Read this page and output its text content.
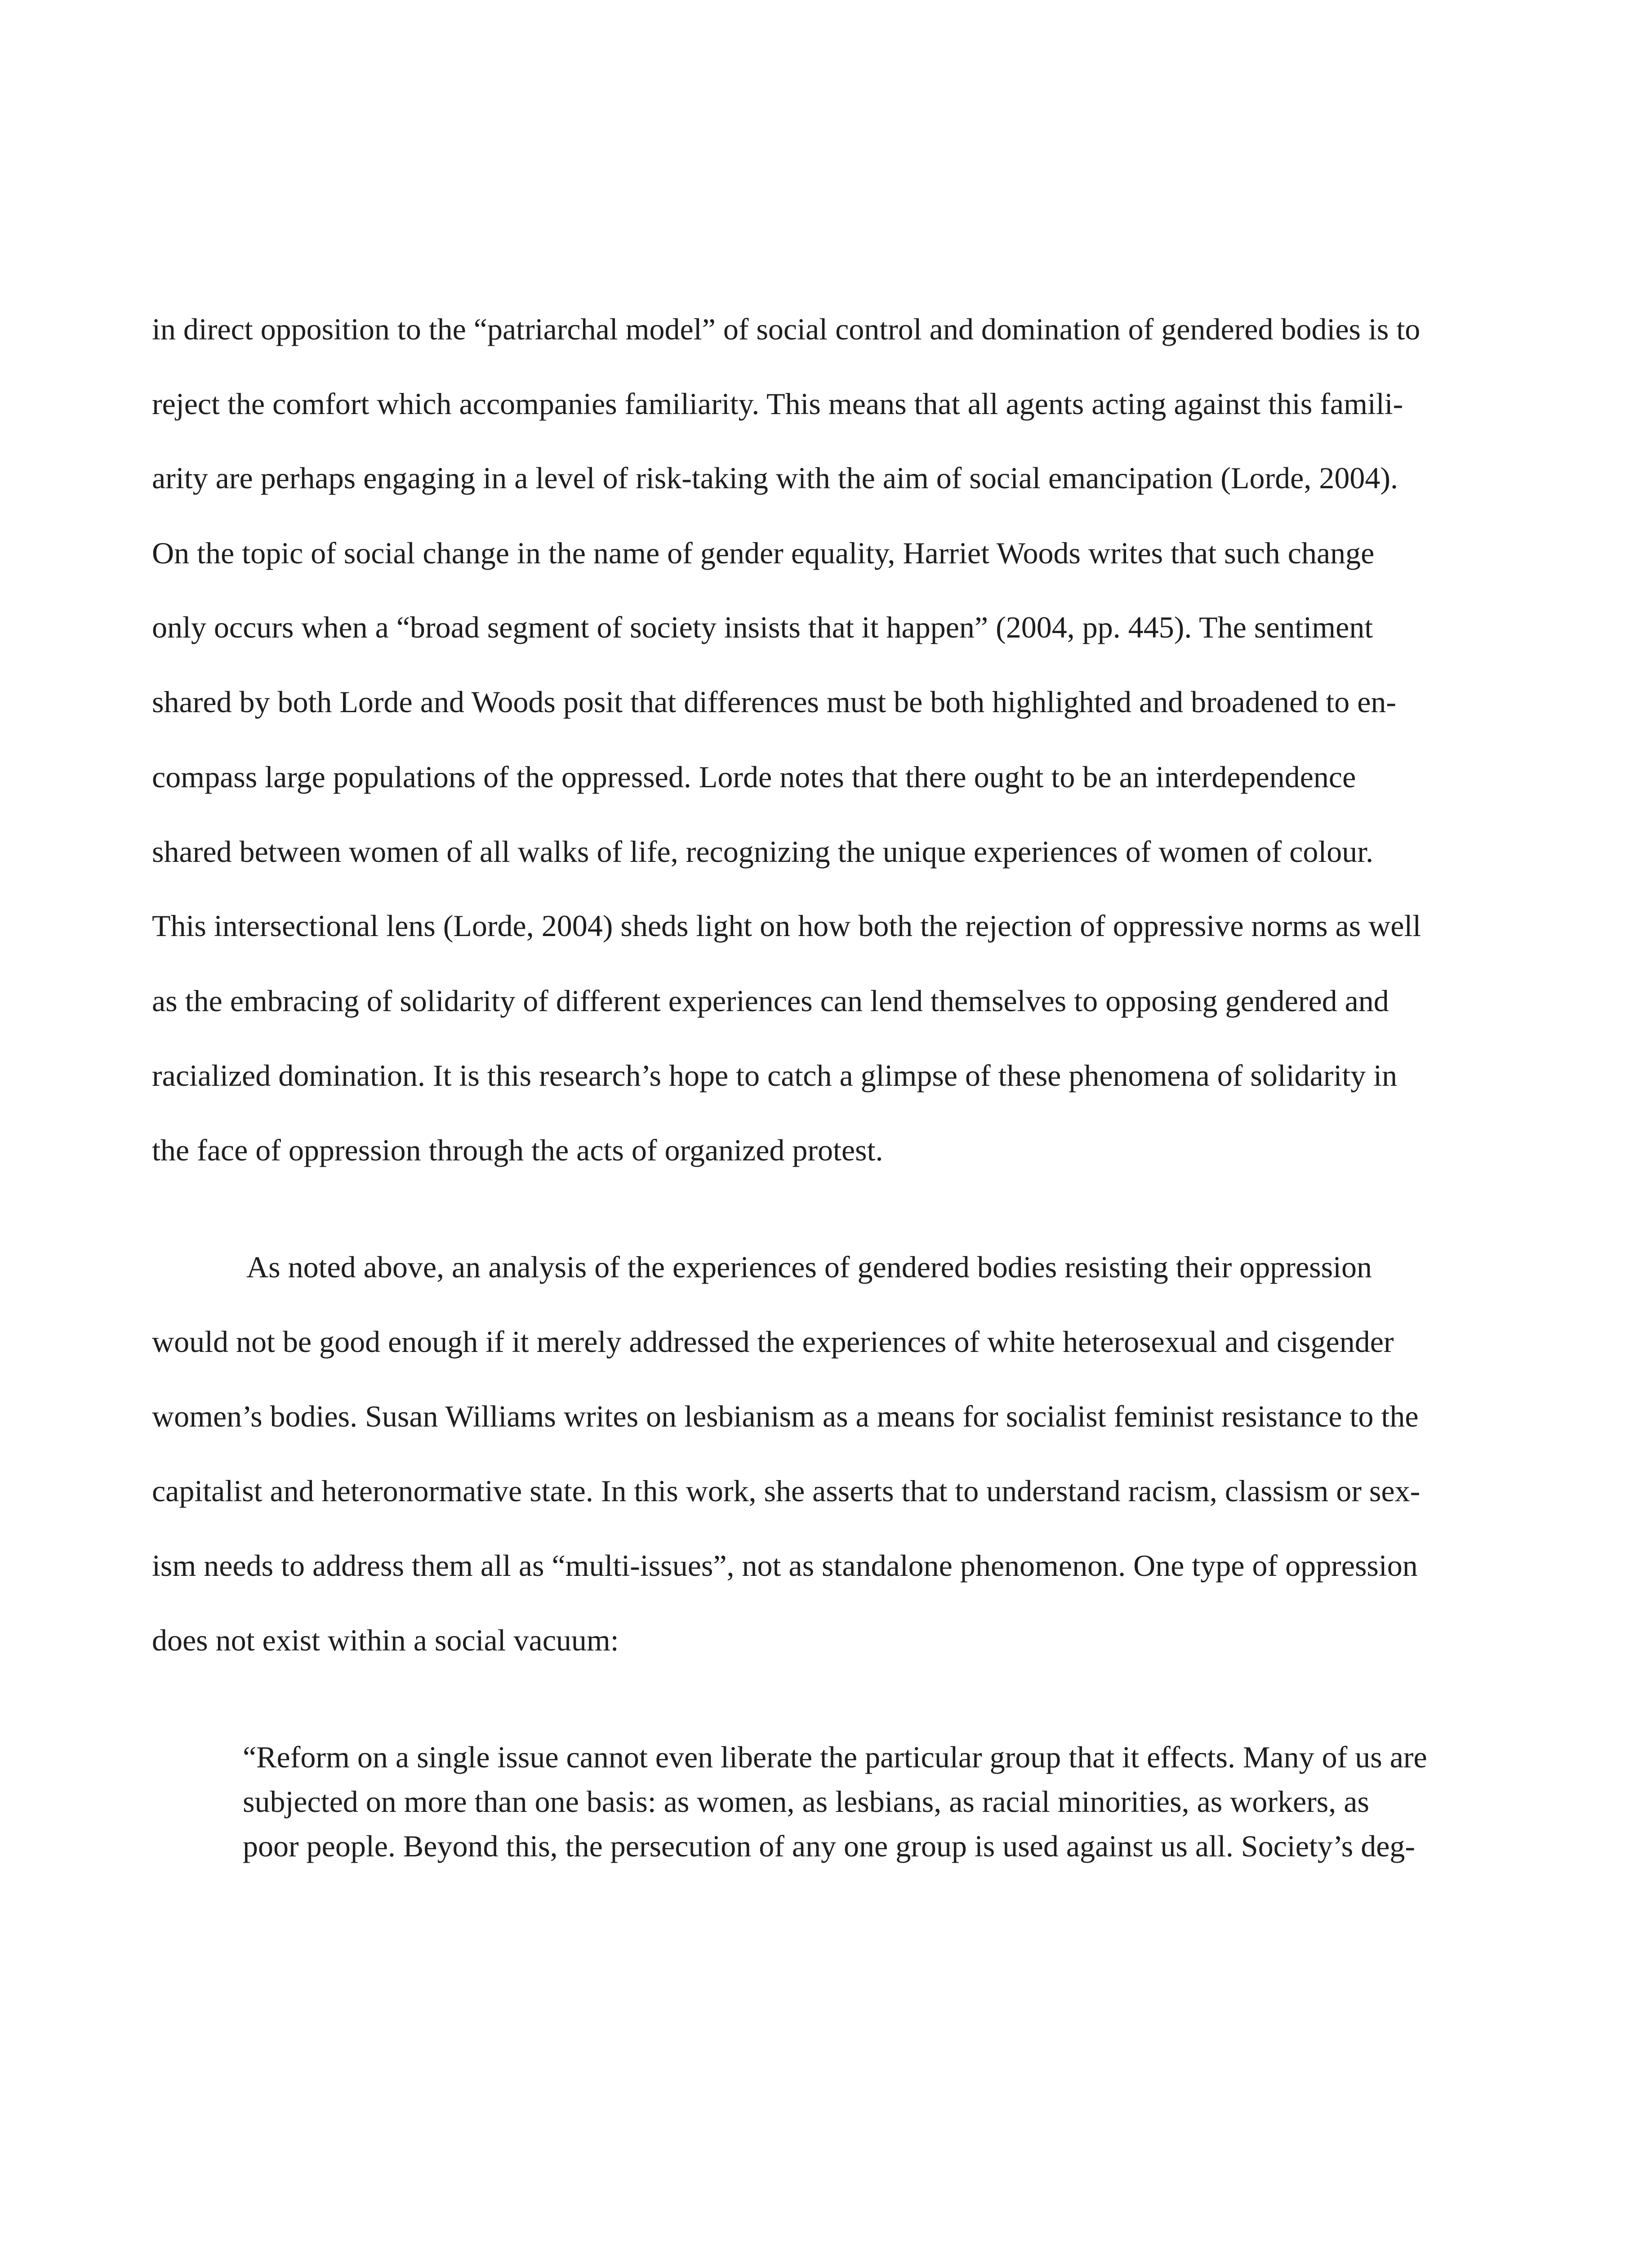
in direct opposition to the “patriarchal model” of social control and domination of gendered bodies is to
reject the comfort which accompanies familiarity. This means that all agents acting against this famili-
arity are perhaps engaging in a level of risk-taking with the aim of social emancipation (Lorde, 2004).
On the topic of social change in the name of gender equality, Harriet Woods writes that such change
only occurs when a “broad segment of society insists that it happen” (2004, pp. 445). The sentiment
shared by both Lorde and Woods posit that differences must be both highlighted and broadened to en-
compass large populations of the oppressed. Lorde notes that there ought to be an interdependence
shared between women of all walks of life, recognizing the unique experiences of women of colour.
This intersectional lens (Lorde, 2004) sheds light on how both the rejection of oppressive norms as well
as the embracing of solidarity of different experiences can lend themselves to opposing gendered and
racialized domination. It is this research’s hope to catch a glimpse of these phenomena of solidarity in
the face of oppression through the acts of organized protest.
As noted above, an analysis of the experiences of gendered bodies resisting their oppression
would not be good enough if it merely addressed the experiences of white heterosexual and cisgender
women’s bodies. Susan Williams writes on lesbianism as a means for socialist feminist resistance to the
capitalist and heteronormative state. In this work, she asserts that to understand racism, classism or sex-
ism needs to address them all as “multi-issues”, not as standalone phenomenon. One type of oppression
does not exist within a social vacuum:
“Reform on a single issue cannot even liberate the particular group that it effects. Many of us are
subjected on more than one basis: as women, as lesbians, as racial minorities, as workers, as
poor people. Beyond this, the persecution of any one group is used against us all. Society’s deg-
